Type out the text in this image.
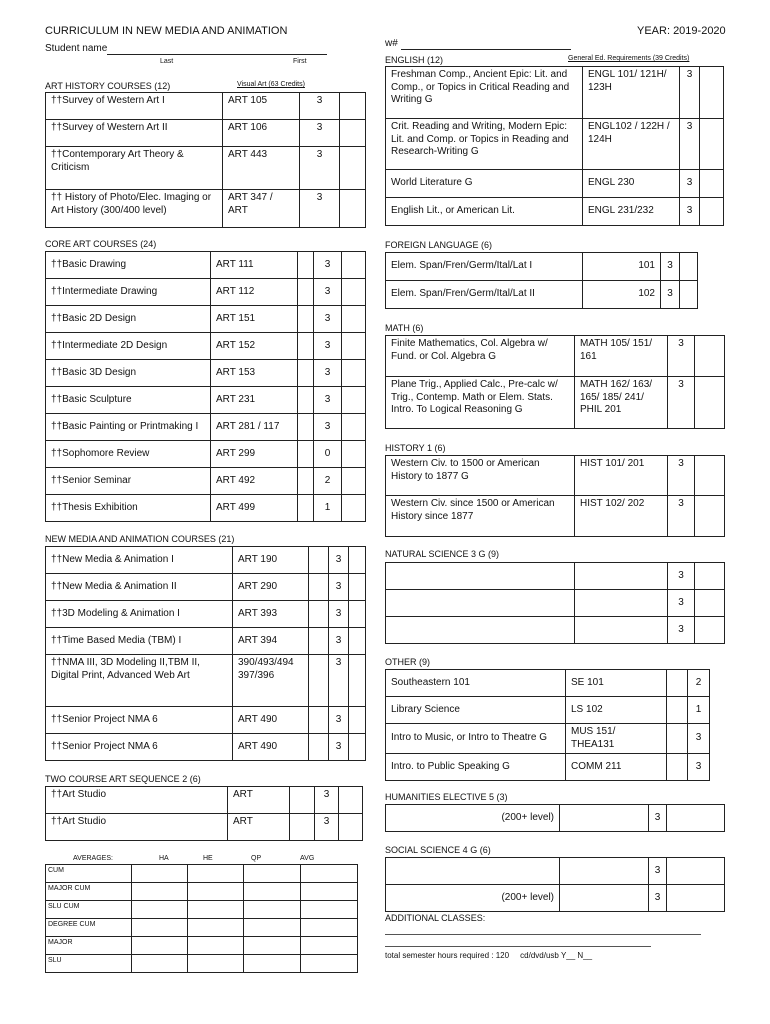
CURRICULUM IN NEW MEDIA AND ANIMATION	YEAR: 2019-2020
Student name
Last	First
w#
ART HISTORY COURSES (12)	Visual Art (63 Credits)
††Survey of Western Art I	ART 105	3	
††Survey of Western Art II	ART 106	3	
††Contemporary Art Theory & Criticism	ART 443	3	
†† History of Photo/Elec. Imaging or Art History (300/400 level)	ART 347 / ART	3	
CORE ART COURSES (24)
††Basic Drawing	ART 111		3	
††Intermediate Drawing	ART 112		3	
††Basic 2D Design	ART 151		3	
††Intermediate 2D Design	ART 152		3	
††Basic 3D Design	ART 153		3	
††Basic Sculpture	ART 231		3	
††Basic Painting or Printmaking I	ART 281 / 117		3	
††Sophomore Review	ART 299		0	
††Senior Seminar	ART 492		2	
††Thesis Exhibition	ART 499		1	
NEW MEDIA AND ANIMATION COURSES (21)
††New Media & Animation I	ART 190		3	
††New Media & Animation II	ART 290		3	
††3D Modeling & Animation I	ART 393		3	
††Time Based Media (TBM) I	ART 394		3	
††NMA III, 3D Modeling II,TBM II, Digital Print, Advanced Web Art	390/493/494 397/396		3	
††Senior Project NMA 6	ART 490		3	
††Senior Project NMA 6	ART 490		3	
TWO COURSE ART SEQUENCE 2 (6)
††Art Studio	ART		3	
††Art Studio	ART		3	
AVERAGES:	HA	HE	QP	AVG
CUM				
MAJOR CUM				
SLU CUM				
DEGREE CUM				
MAJOR				
SLU				
ENGLISH (12)	General Ed. Requirements (39 Credits)
Freshman Comp., Ancient Epic: Lit. and Comp., or Topics in Critical Reading and Writing G	ENGL 101/ 121H/ 123H	3	
Crit. Reading and Writing, Modern Epic: Lit. and Comp. or Topics in Reading and Research-Writing G	ENGL102 / 122H / 124H	3	
World Literature G	ENGL 230	3	
English Lit., or American Lit.	ENGL 231/232	3	
FOREIGN LANGUAGE (6)
Elem. Span/Fren/Germ/Ital/Lat I	101	3	
Elem. Span/Fren/Germ/Ital/Lat II	102	3	
MATH (6)
Finite Mathematics, Col. Algebra w/ Fund. or Col. Algebra G	MATH 105/ 151/ 161	3	
Plane Trig., Applied Calc., Pre-calc w/ Trig., Contemp. Math or Elem. Stats. Intro. To Logical Reasoning G	MATH 162/ 163/ 165/ 185/ 241/ PHIL 201	3	
HISTORY 1 (6)
Western Civ. to 1500 or American History to 1877 G	HIST 101/ 201	3	
Western Civ. since 1500 or American History since 1877	HIST 102/ 202	3	
NATURAL SCIENCE 3 G (9)
		3	
		3	
		3	
OTHER (9)
Southeastern 101	SE 101		2
Library Science	LS 102		1
Intro to Music, or Intro to Theatre G	MUS 151/ THEA131		3
Intro. to Public Speaking G	COMM 211		3
HUMANITIES ELECTIVE 5 (3)
(200+ level)		3	
SOCIAL SCIENCE 4 G (6)
		3	
(200+ level)		3	
ADDITIONAL CLASSES:
total semester hours required : 120     cd/dvd/usb Y__ N__
